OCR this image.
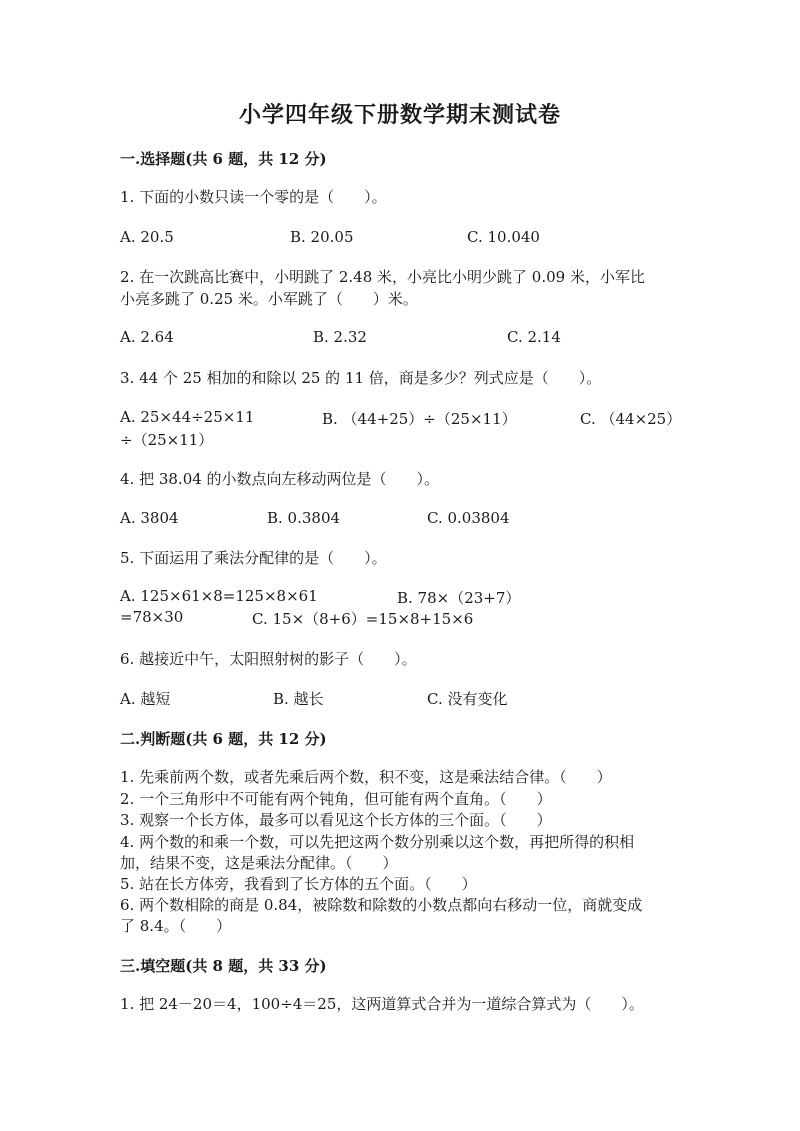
小学四年级下册数学期末测试卷
一.选择题(共 6 题，共 12 分)
1. 下面的小数只读一个零的是（　　）。
A. 20.5	B. 20.05	C. 10.040
2. 在一次跳高比赛中，小明跳了 2.48 米，小亮比小明少跳了 0.09 米，小军比
小亮多跳了 0.25 米。小军跳了（　　）米。
A. 2.64	B. 2.32	C. 2.14
3. 44 个 25 相加的和除以 25 的 11 倍，商是多少？列式应是（　　）。
A. 25×44÷25×11	B. （44+25）÷（25×11）	C. （44×25）
÷（25×11）
4. 把 38.04 的小数点向左移动两位是（　　）。
A. 3804	B. 0.3804	C. 0.03804
5. 下面运用了乘法分配律的是（　　）。
A. 125×61×8=125×8×61	B. 78×（23+7）
=78×30	C. 15×（8+6）=15×8+15×6
6. 越接近中午，太阳照射树的影子（　　）。
A. 越短	B. 越长	C. 没有变化
二.判断题(共 6 题，共 12 分)
1. 先乘前两个数，或者先乘后两个数，积不变，这是乘法结合律。（　　）
2. 一个三角形中不可能有两个钝角，但可能有两个直角。（　　）
3. 观察一个长方体，最多可以看见这个长方体的三个面。（　　）
4. 两个数的和乘一个数，可以先把这两个数分别乘以这个数，再把所得的积相
加，结果不变，这是乘法分配律。（　　）
5. 站在长方体旁，我看到了长方体的五个面。（　　）
6. 两个数相除的商是 0.84，被除数和除数的小数点都向右移动一位，商就变成
了 8.4。（　　）
三.填空题(共 8 题，共 33 分)
1. 把 24－20＝4，100÷4＝25，这两道算式合并为一道综合算式为（　　）。
